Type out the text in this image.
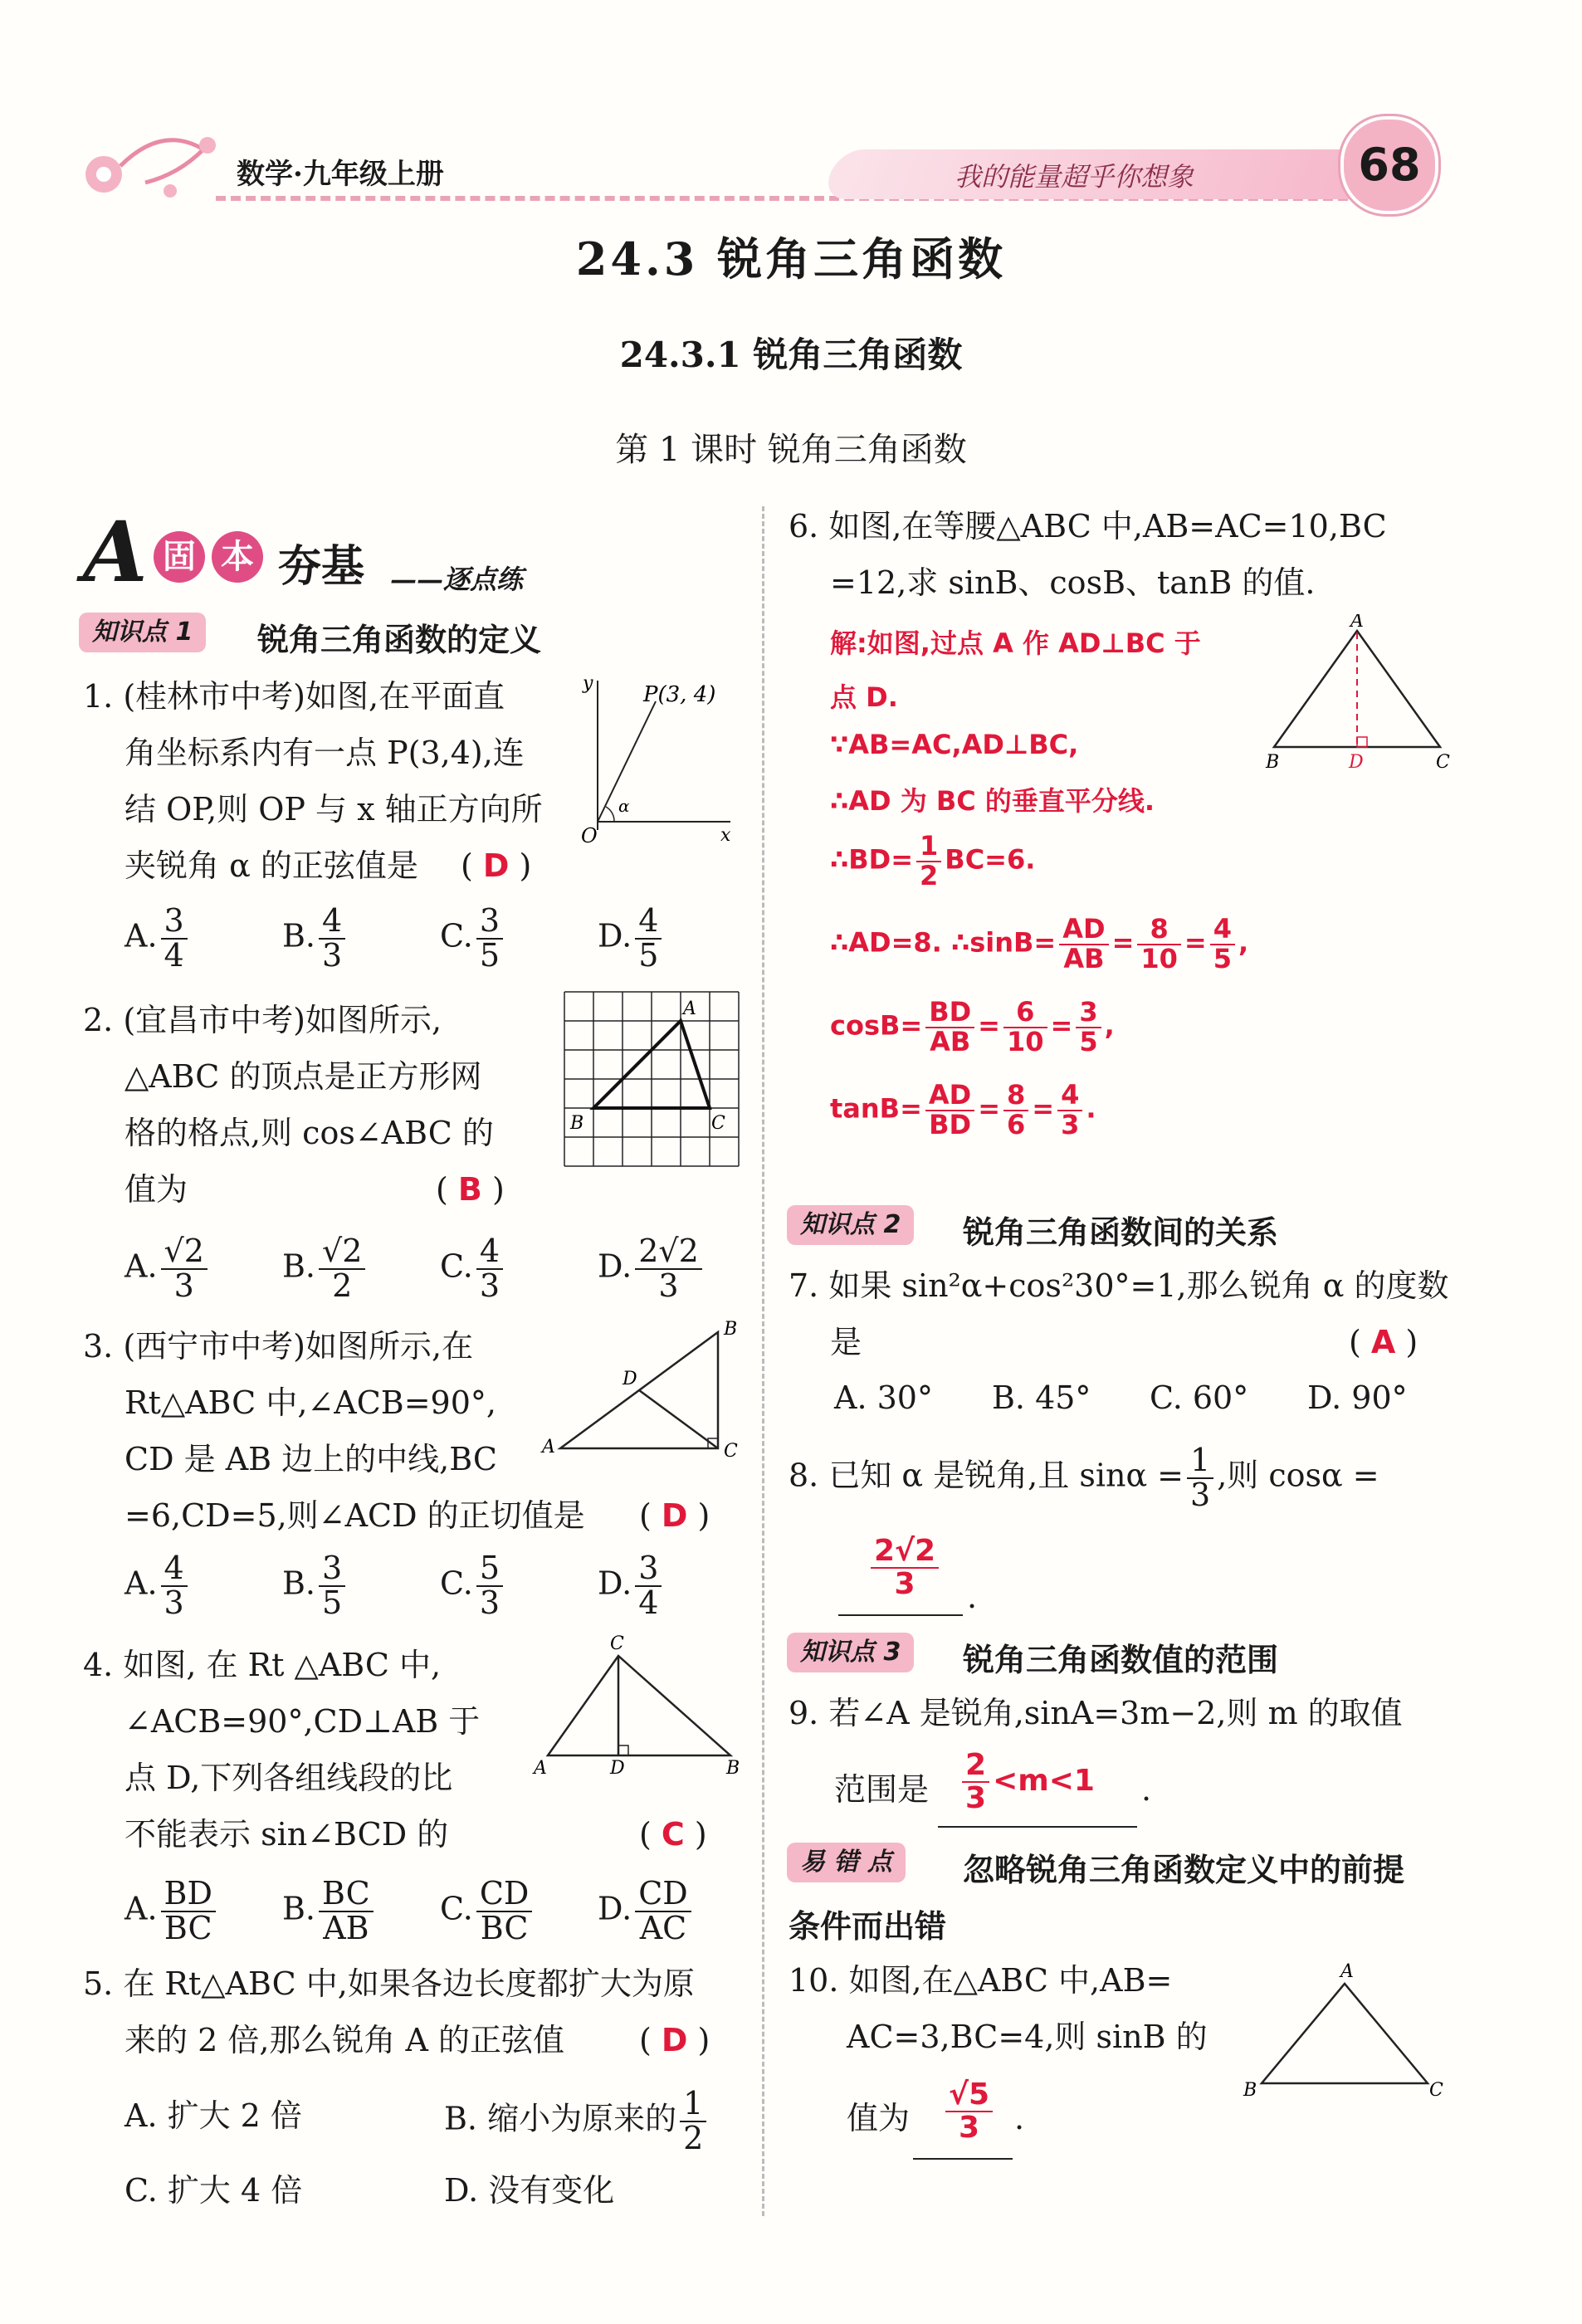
数学·九年级上册	我的能量超乎你想象	68
24.3 锐角三角函数
24.3.1 锐角三角函数
第 1 课时 锐角三角函数
A 固 本 夯基 ——逐点练
知识点 1	锐角三角函数的定义
1. (桂林市中考)如图,在平面直
角坐标系内有一点 P(3,4),连
结 OP,则 OP 与 x 轴正方向所
夹锐角 α 的正弦值是 ( D )
A. $\frac{3}{4}$	B. $\frac{4}{3}$	C. $\frac{3}{5}$	D. $\frac{4}{5}$
P(3, 4)
O	x
y
α
2. (宜昌市中考)如图所示,
△ABC 的顶点是正方形网
格的格点,则 cos∠ABC 的
值为	( B )
A. $\frac{√2}{3} B$. $\frac{√2}{2} C$. $\frac{4}{3}$	D. $\frac{2√2}{3}$
A
B	C
3. (西宁市中考)如图所示,在
Rt△ABC 中,∠ACB=90°,
CD 是 AB 边上的中线,BC
=6,CD=5,则∠ACD 的正切值是 ( D )
A. $\frac{4}{3}$	B. $\frac{3}{5}$	C. $\frac{5}{3}$	D. $\frac{3}{4}$
A
B
C
D
4. 如图, 在 Rt △ABC 中,
∠ACB=90°,CD⊥AB 于
点 D,下列各组线段的比
不能表示 sin∠BCD 的	( C )
A. $\frac{BD}{BC} B$. $\frac{BC}{AB} C$. $\frac{CD}{BC} D$. $\frac{CD}{AC}$
A	B
C
D
5. 在 Rt△ABC 中,如果各边长度都扩大为原
来的 2 倍,那么锐角 A 的正弦值 ( D )
A. 扩大 2 倍	B. 缩小为原来的 $\frac{1}{2}$
C. 扩大 4 倍	D. 没有变化
6. 如图,在等腰△ABC 中,AB=AC=10,BC
=12,求 sinB、cosB、tanB 的值.
解:如图,过点 A 作 AD⊥BC 于
点 D.
∵AB=AC,AD⊥BC,
∴AD 为 BC 的垂直平分线.
∴BD= $\frac{1}{2} BC=6$.
∴AD=8. ∴sinB= $\frac{AD}{AB} = \frac{8}{10} = \frac{4}{5}$ ,
$\cos B= \frac{BD}{AB} = \frac{6}{10} = \frac{3}{5}$ ,
$\tan B= \frac{AD}{BD} = \frac{8}{6} = \frac{4}{3}$ .
A
B	C
D
知识点 2	锐角三角函数间的关系
7. 如果 sin²α+cos²30°=1,那么锐角 α 的度数
是	( A )
A. 30° B. 45° C. 60° D. 90°
8. 已知 α 是锐角,且 $\sin\alpha = \frac{1}{3}$ ,则 cosα =
$\frac{2√2}{3}$ .
知识点 3	锐角三角函数值的范围
9. 若∠A 是锐角,sinA=3m−2,则 m 的取值
范围是 $\frac{2}{3} <m<1$ .
易 错 点	忽略锐角三角函数定义中的前提
条件而出错
10. 如图,在△ABC 中,AB=
AC=3,BC=4,则 sinB 的
值为 $\frac{√5}{3}$ .
A
B	C
